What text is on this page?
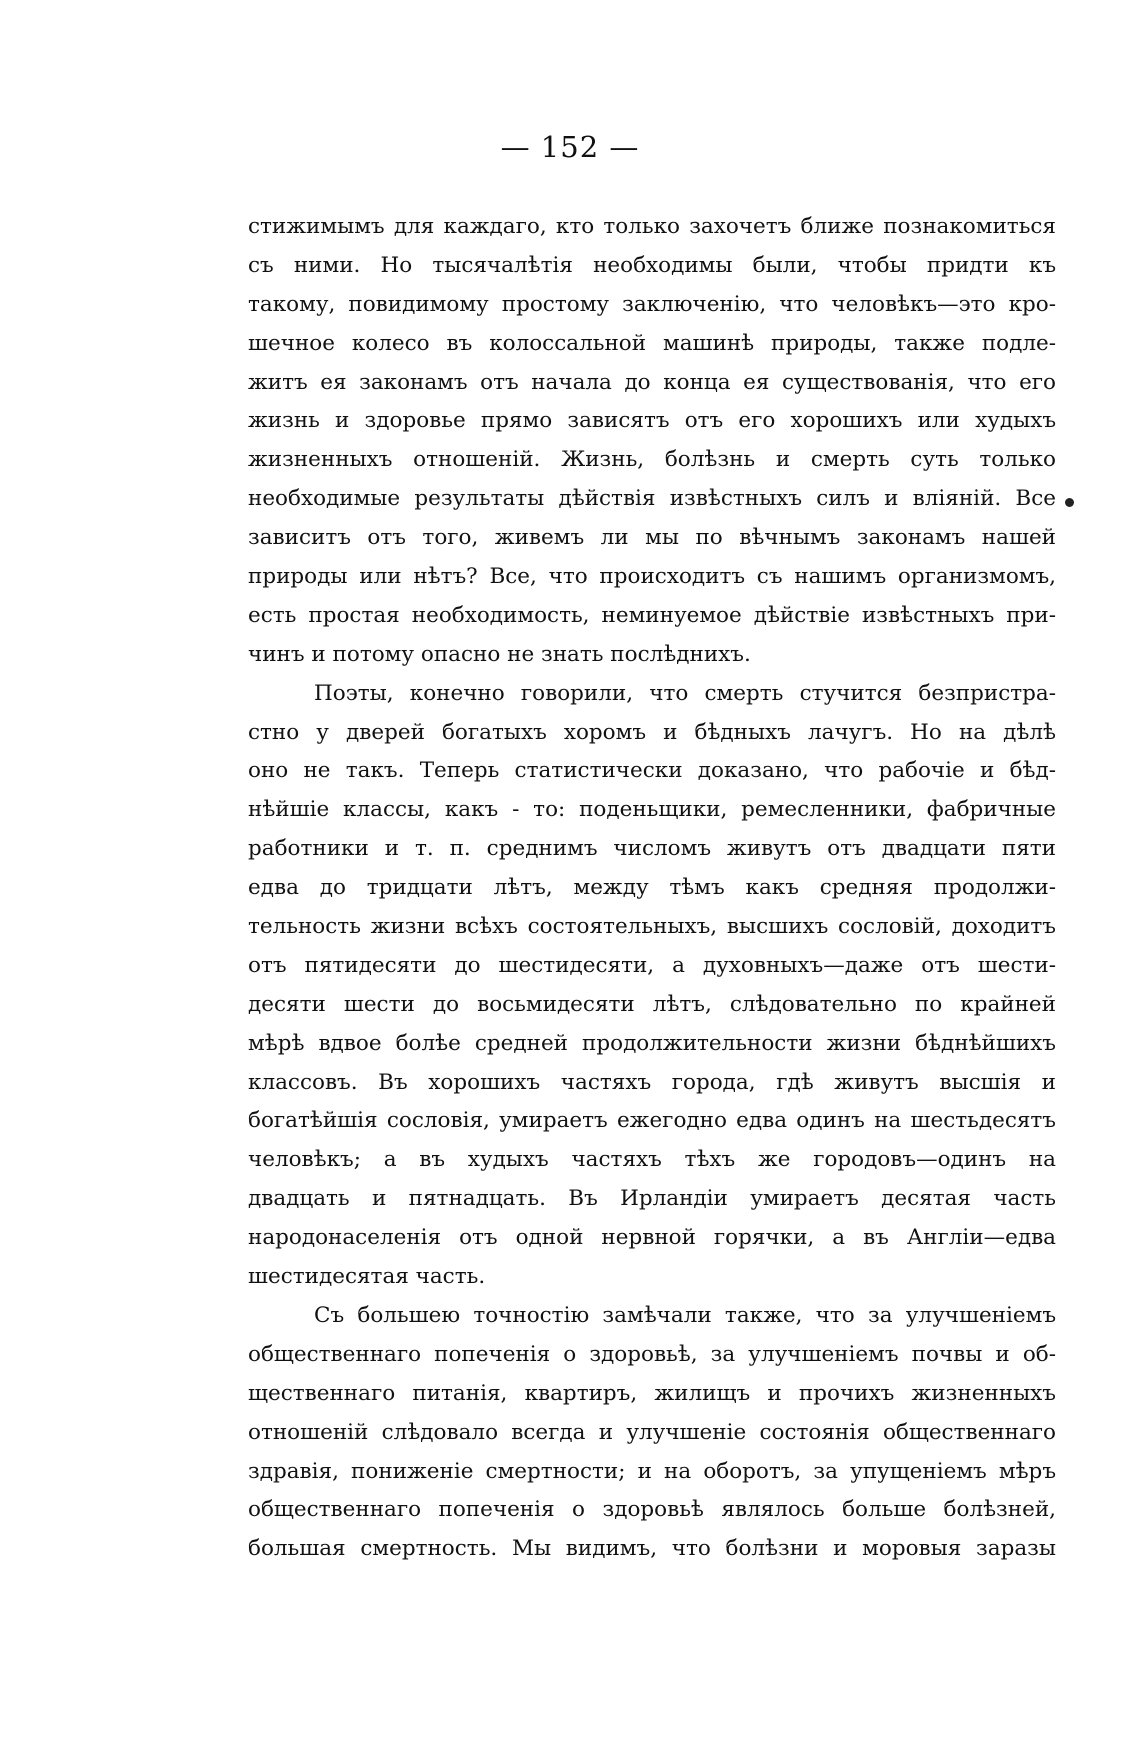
— 152 —
стижимымъ для каждаго, кто только захочетъ ближе познакомиться
съ ними. Но тысячалѣтія необходимы были, чтобы придти къ
такому, повидимому простому заключенію, что человѣкъ—это кро-
шечное колесо въ колоссальной машинѣ природы, также подле-
житъ ея законамъ отъ начала до конца ея существованія, что его
жизнь и здоровье прямо зависятъ отъ его хорошихъ или худыхъ
жизненныхъ отношеній. Жизнь, болѣзнь и смерть суть только
необходимые результаты дѣйствія извѣстныхъ силъ и вліяній. Все
зависитъ отъ того, живемъ ли мы по вѣчнымъ законамъ нашей
природы или нѣтъ? Все, что происходитъ съ нашимъ организмомъ,
есть простая необходимость, неминуемое дѣйствіе извѣстныхъ при-
чинъ и потому опасно не знать послѣднихъ.
Поэты, конечно говорили, что смерть стучится безпристра-
стно у дверей богатыхъ хоромъ и бѣдныхъ лачугъ. Но на дѣлѣ
оно не такъ. Теперь статистически доказано, что рабочіе и бѣд-
нѣйшіе классы, какъ - то: поденьщики, ремесленники, фабричные
работники и т. п. среднимъ числомъ живутъ отъ двадцати пяти
едва до тридцати лѣтъ, между тѣмъ какъ средняя продолжи-
тельность жизни всѣхъ состоятельныхъ, высшихъ сословій, доходитъ
отъ пятидесяти до шестидесяти, а духовныхъ—даже отъ шести-
десяти шести до восьмидесяти лѣтъ, слѣдовательно по крайней
мѣрѣ вдвое болѣе средней продолжительности жизни бѣднѣйшихъ
классовъ. Въ хорошихъ частяхъ города, гдѣ живутъ высшія и
богатѣйшія сословія, умираетъ ежегодно едва одинъ на шестьдесятъ
человѣкъ; а въ худыхъ частяхъ тѣхъ же городовъ—одинъ на
двадцать и пятнадцать. Въ Ирландіи умираетъ десятая часть
народонаселенія отъ одной нервной горячки, а въ Англіи—едва
шестидесятая часть.
Съ большею точностію замѣчали также, что за улучшеніемъ
общественнаго попеченія о здоровьѣ, за улучшеніемъ почвы и об-
щественнаго питанія, квартиръ, жилищъ и прочихъ жизненныхъ
отношеній слѣдовало всегда и улучшеніе состоянія общественнаго
здравія, пониженіе смертности; и на оборотъ, за упущеніемъ мѣръ
общественнаго попеченія о здоровьѣ являлось больше болѣзней,
большая смертность. Мы видимъ, что болѣзни и моровыя заразы
